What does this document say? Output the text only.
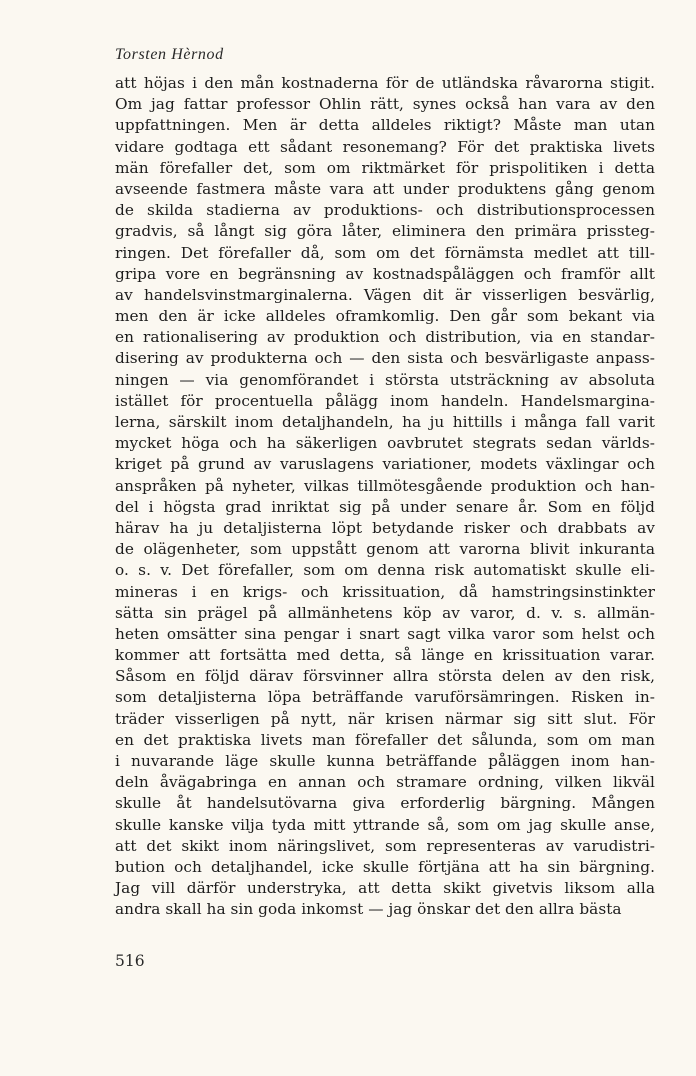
Torsten Hèrnod
att höjas i den mån kostnaderna för de utländska råvarorna stigit.
Om jag fattar professor Ohlin rätt, synes också han vara av den
uppfattningen. Men är detta alldeles riktigt? Måste man utan
vidare godtaga ett sådant resonemang? För det praktiska livets
män förefaller det, som om riktmärket för prispolitiken i detta
avseende fastmera måste vara att under produktens gång genom
de skilda stadierna av produktions- och distributionsprocessen
gradvis, så långt sig göra låter, eliminera den primära prissteg-
ringen. Det förefaller då, som om det förnämsta medlet att till-
gripa vore en begränsning av kostnadspåläggen och framför allt
av handelsvinstmarginalerna. Vägen dit är visserligen besvärlig,
men den är icke alldeles oframkomlig. Den går som bekant via
en rationalisering av produktion och distribution, via en standar-
disering av produkterna och — den sista och besvärligaste anpass-
ningen — via genomförandet i största utsträckning av absoluta
istället för procentuella pålägg inom handeln. Handelsmargina-
lerna, särskilt inom detaljhandeln, ha ju hittills i många fall varit
mycket höga och ha säkerligen oavbrutet stegrats sedan världs-
kriget på grund av varuslagens variationer, modets växlingar och
anspråken på nyheter, vilkas tillmötesgående produktion och han-
del i högsta grad inriktat sig på under senare år. Som en följd
härav ha ju detaljisterna löpt betydande risker och drabbats av
de olägenheter, som uppstått genom att varorna blivit inkuranta
o. s. v. Det förefaller, som om denna risk automatiskt skulle eli-
mineras i en krigs- och krissituation, då hamstringsinstinkter
sätta sin prägel på allmänhetens köp av varor, d. v. s. allmän-
heten omsätter sina pengar i snart sagt vilka varor som helst och
kommer att fortsätta med detta, så länge en krissituation varar.
Såsom en följd därav försvinner allra största delen av den risk,
som detaljisterna löpa beträffande varuförsämringen. Risken in-
träder visserligen på nytt, när krisen närmar sig sitt slut. För
en det praktiska livets man förefaller det sålunda, som om man
i nuvarande läge skulle kunna beträffande påläggen inom han-
deln åvägabringa en annan och stramare ordning, vilken likväl
skulle åt handelsutövarna giva erforderlig bärgning. Mången
skulle kanske vilja tyda mitt yttrande så, som om jag skulle anse,
att det skikt inom näringslivet, som representeras av varudistri-
bution och detaljhandel, icke skulle förtjäna att ha sin bärgning.
Jag vill därför understryka, att detta skikt givetvis liksom alla
andra skall ha sin goda inkomst — jag önskar det den allra bästa
516
